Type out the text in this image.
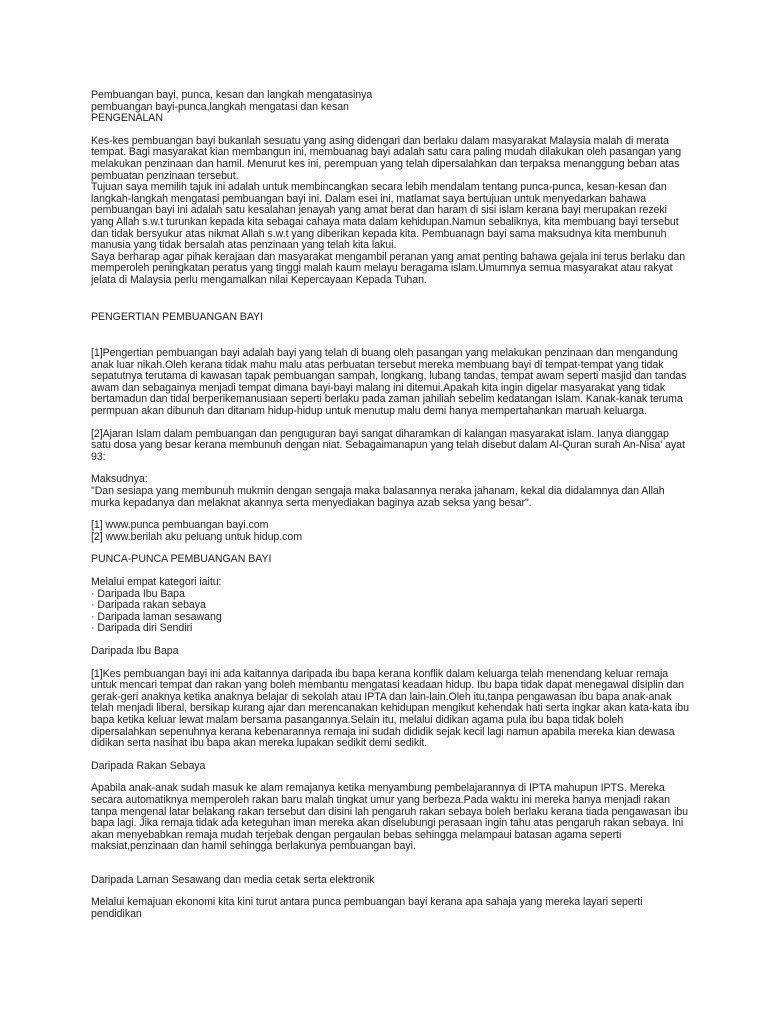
Pembuangan bayi, punca, kesan dan langkah mengatasinya

pembuangan bayi-punca,langkah mengatasi dan kesan

PENGENALAN

Kes-kes pembuangan bayi bukanlah sesuatu yang asing didengari dan berlaku dalam masyarakat Malaysia malah di merata tempat. Bagi masyarakat kian membangun ini, membuanag bayi adalah satu cara paling mudah dilakukan oleh pasangan yang melakukan penzinaan dan hamil. Menurut kes ini, perempuan yang telah dipersalahkan dan terpaksa menanggung beban atas pembuatan penzinaan tersebut.

Tujuan saya memilih tajuk ini adalah untuk membincangkan secara lebih mendalam tentang punca-punca, kesan-kesan dan langkah-langkah mengatasi pembuangan bayi ini. Dalam esei ini, matlamat saya bertujuan untuk menyedarkan bahawa pembuangan bayi ini adalah satu kesalahan jenayah yang amat berat dan haram di sisi islam kerana bayi merupakan rezeki yang Allah s.w.t turunkan kepada kita sebagai cahaya mata dalam kehidupan.Namun sebaliknya, kita membuang bayi tersebut dan tidak bersyukur atas nikmat Allah s.w.t yang diberikan kepada kita. Pembuanagn bayi sama maksudnya kita membunuh manusia yang tidak bersalah atas penzinaan yang telah kita lakui.

Saya berharap agar pihak kerajaan dan masyarakat mengambil peranan yang amat penting bahawa gejala ini terus berlaku dan memperoleh peningkatan peratus yang tinggi malah kaum melayu beragama islam.Umumnya semua masyarakat atau rakyat jelata di Malaysia perlu mengamalkan nilai Kepercayaan Kepada Tuhan.

PENGERTIAN PEMBUANGAN BAYI

[1]Pengertian pembuangan bayi adalah bayi yang telah di buang oleh pasangan yang melakukan penzinaan dan mengandung anak luar nikah.Oleh kerana tidak mahu malu atas perbuatan tersebut mereka membuang bayi di tempat-tempat yang tidak sepatutnya terutama di kawasan tapak pembuangan sampah, longkang, lubang tandas, tempat awam seperti masjid dan tandas awam dan sebagainya menjadi tempat dimana bayi-bayi malang ini ditemui.Apakah kita ingin digelar masyarakat yang tidak bertamadun dan tidal berperikemanusiaan seperti berlaku pada zaman jahiliah sebelim kedatangan Islam. Kanak-kanak teruma permpuan akan dibunuh dan ditanam hidup-hidup untuk menutup malu demi hanya mempertahankan maruah keluarga.

[2]Ajaran Islam dalam pembuangan dan penguguran bayi sangat diharamkan di kalangan masyarakat islam. Ianya dianggap satu dosa yang besar kerana membunuh dengan niat. Sebagaimanapun yang telah disebut dalam Al-Quran surah An-Nisa' ayat 93:

Maksudnya:

"Dan sesiapa yang membunuh mukmin dengan sengaja maka balasannya neraka jahanam, kekal dia didalamnya dan Allah murka kepadanya dan melaknat akannya serta menyediakan baginya azab seksa yang besar".

[1] www.punca pembuangan bayi.com

[2] www.berilah aku peluang untuk hidup.com

PUNCA-PUNCA PEMBUANGAN BAYI

Melalui empat kategori iaitu:

· Daripada Ibu Bapa
· Daripada rakan sebaya
· Daripada laman sesawang
· Daripada diri Sendiri

Daripada Ibu Bapa

[1]Kes pembuangan bayi ini ada kaitannya daripada ibu bapa kerana konflik dalam keluarga telah menendang keluar remaja untuk mencari tempat dan rakan yang boleh membantu mengatasi keadaan hidup. Ibu bapa tidak dapat menegawal disiplin dan gerak-geri anaknya ketika anaknya belajar di sekolah atau IPTA dan lain-lain.Oleh itu,tanpa pengawasan ibu bapa anak-anak telah menjadi liberal, bersikap kurang ajar dan merencanakan kehidupan mengikut kehendak hati serta ingkar akan kata-kata ibu bapa ketika keluar lewat malam bersama pasangannya.Selain itu, melalui didikan agama pula ibu bapa tidak boleh dipersalahkan sepenuhnya kerana kebenarannya remaja ini sudah dididik sejak kecil lagi namun apabila mereka kian dewasa didikan serta nasihat ibu bapa akan mereka lupakan sedikit demi sedikit.

Daripada Rakan Sebaya

Apabila anak-anak sudah masuk ke alam remajanya ketika menyambung pembelajarannya di IPTA mahupun IPTS. Mereka secara automatiknya memperoleh rakan baru malah tingkat umur yang berbeza.Pada waktu ini mereka hanya menjadi rakan tanpa mengenal latar belakang rakan tersebut dan disini lah pengaruh rakan sebaya boleh berlaku kerana tiada pengawasan ibu bapa lagi. Jika remaja tidak ada keteguhan iman mereka akan diselubungi perasaan ingin tahu atas pengaruh rakan sebaya. Ini akan menyebabkan remaja mudah terjebak dengan pergaulan bebas sehingga melampaui batasan agama seperti maksiat,penzinaan dan hamil sehingga berlakunya pembuangan bayi.

Daripada Laman Sesawang dan media cetak serta elektronik

Melalui kemajuan ekonomi kita kini turut antara punca pembuangan bayi kerana apa sahaja yang mereka layari seperti pendidikan
